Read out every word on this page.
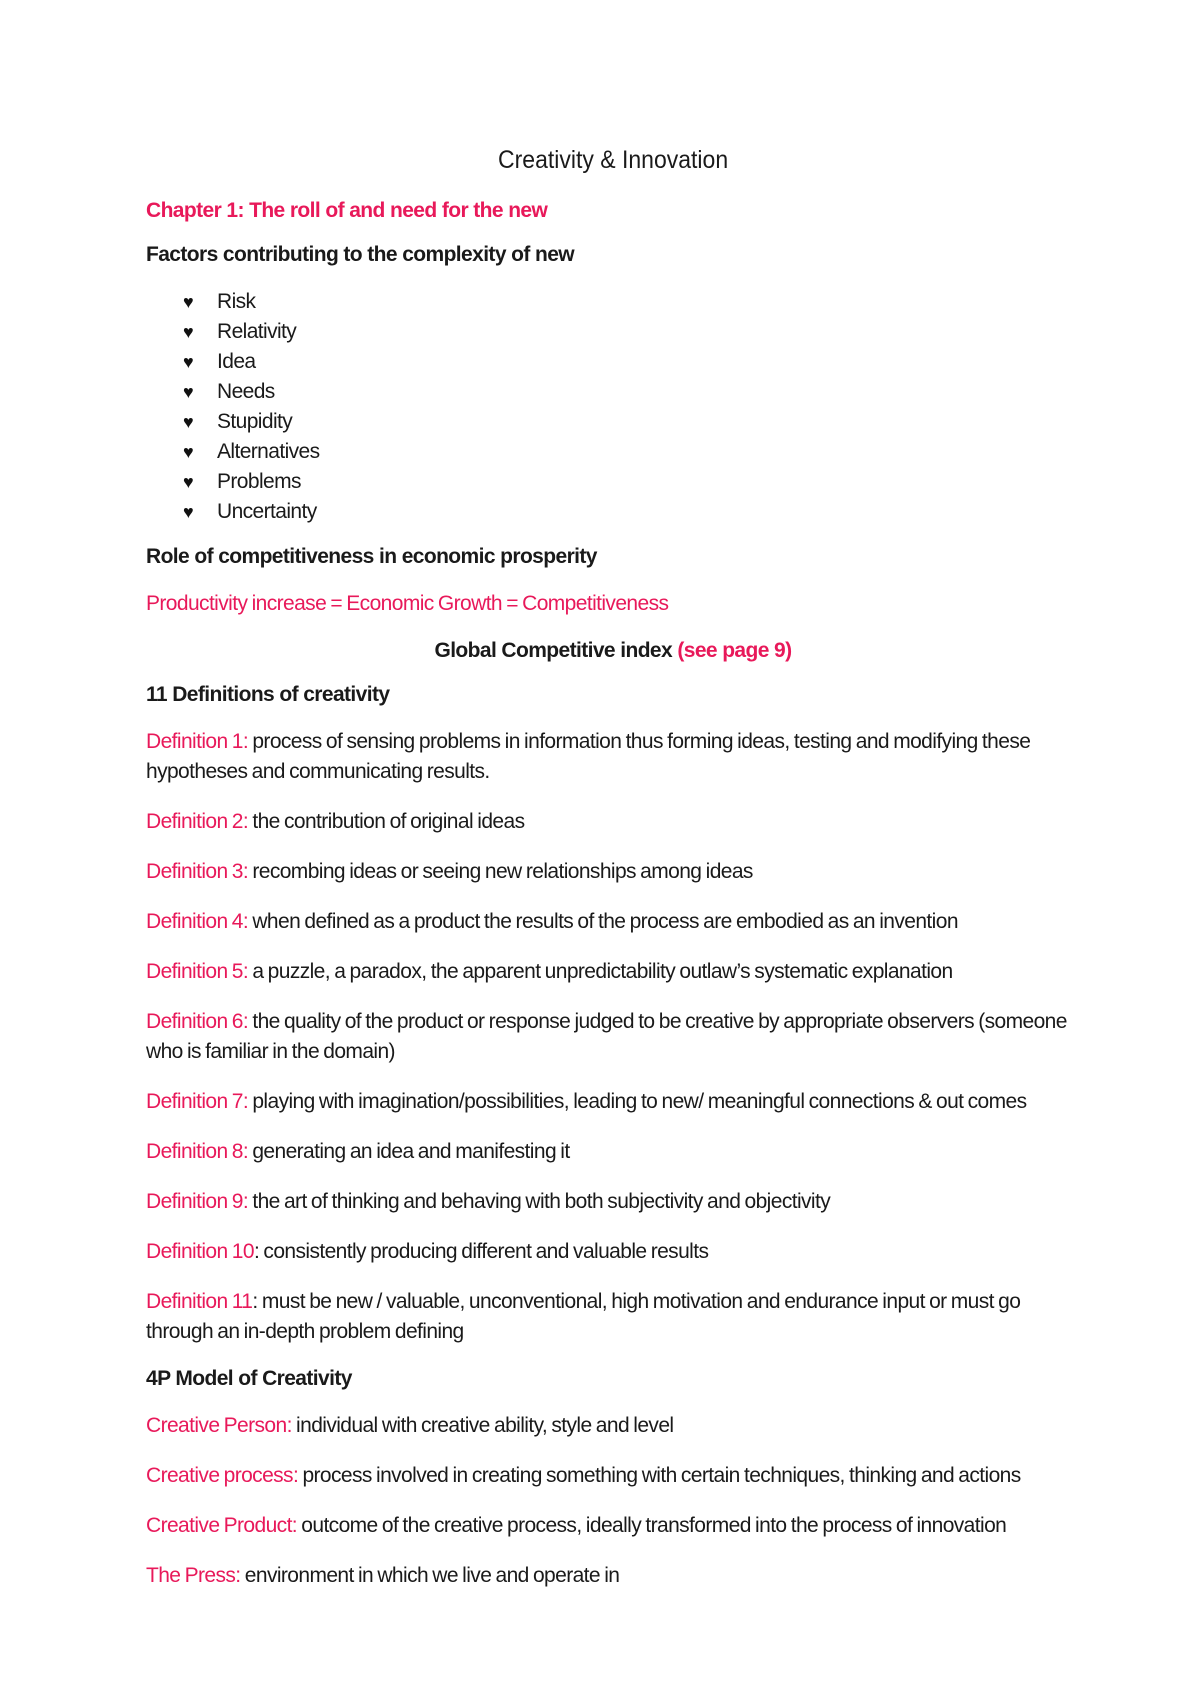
Creativity & Innovation
Chapter 1: The roll of and need for the new
Factors contributing to the complexity of new
♥	Risk
♥	Relativity
♥	Idea
♥	Needs
♥	Stupidity
♥	Alternatives
♥	Problems
♥	Uncertainty
Role of competitiveness in economic prosperity
Productivity increase = Economic Growth = Competitiveness
Global Competitive index (see page 9)
11 Definitions of creativity
Definition 1: process of sensing problems in information thus forming ideas, testing and modifying these hypotheses and communicating results.
Definition 2: the contribution of original ideas
Definition 3: recombing ideas or seeing new relationships among ideas
Definition 4: when defined as a product the results of the process are embodied as an invention
Definition 5: a puzzle, a paradox, the apparent unpredictability outlaw’s systematic explanation
Definition 6: the quality of the product or response judged to be creative by appropriate observers (someone who is familiar in the domain)
Definition 7: playing with imagination/possibilities, leading to new/ meaningful connections & out comes
Definition 8: generating an idea and manifesting it
Definition 9: the art of thinking and behaving with both subjectivity and objectivity
Definition 10: consistently producing different and valuable results
Definition 11: must be new / valuable, unconventional, high motivation and endurance input or must go through an in-depth problem defining
4P Model of Creativity
Creative Person: individual with creative ability, style and level
Creative process: process involved in creating something with certain techniques, thinking and actions
Creative Product: outcome of the creative process, ideally transformed into the process of innovation
The Press: environment in which we live and operate in
